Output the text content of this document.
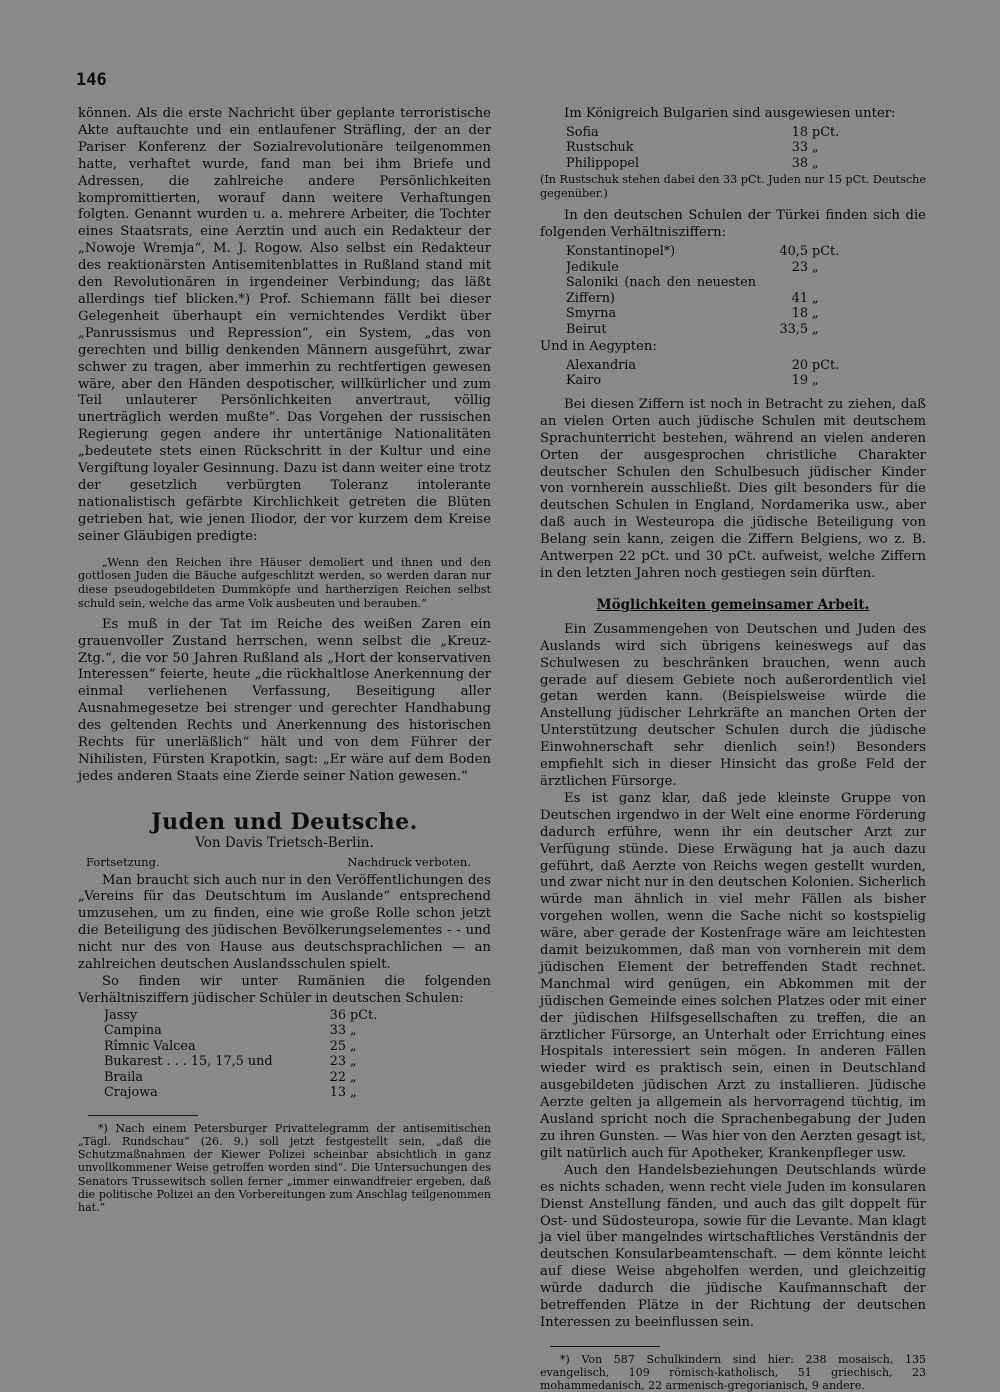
146

können. Als die erste Nachricht über geplante terroristische Akte auftauchte und ein entlaufener Sträfling, der an der Pariser Konferenz der Sozialrevolutionäre teilgenommen hatte, verhaftet wurde, fand man bei ihm Briefe und Adressen, die zahlreiche andere Persönlichkeiten kompromittierten, worauf dann weitere Verhaftungen folgten. Genannt wurden u. a. mehrere Arbeiter, die Tochter eines Staatsrats, eine Aerztin und auch ein Redakteur der „Nowoje Wremja“, M. J. Rogow. Also selbst ein Redakteur des reaktionärsten Antisemitenblattes in Rußland stand mit den Revolutionären in irgendeiner Verbindung; das läßt allerdings tief blicken.*) Prof. Schiemann fällt bei dieser Gelegenheit überhaupt ein vernichtendes Verdikt über „Panrussismus und Repression“, ein System, „das von gerechten und billig denkenden Männern ausgeführt, zwar schwer zu tragen, aber immerhin zu rechtfertigen gewesen wäre, aber den Händen despotischer, willkürlicher und zum Teil unlauterer Persönlichkeiten anvertraut, völlig unerträglich werden mußte“. Das Vorgehen der russischen Regierung gegen andere ihr untertänige Nationalitäten „bedeutete stets einen Rückschritt in der Kultur und eine Vergiftung loyaler Gesinnung. Dazu ist dann weiter eine trotz der gesetzlich verbürgten Toleranz intolerante nationalistisch gefärbte Kirchlichkeit getreten die Blüten getrieben hat, wie jenen Iliodor, der vor kurzem dem Kreise seiner Gläubigen predigte:

„Wenn den Reichen ihre Häuser demoliert und ihnen und den gottlosen Juden die Bäuche aufgeschlitzt werden, so werden daran nur diese pseudogebildeten Dummköpfe und hartherzigen Reichen selbst schuld sein, welche das arme Volk ausbeuten und berauben.“

Es muß in der Tat im Reiche des weißen Zaren ein grauenvoller Zustand herrschen, wenn selbst die „Kreuz-Ztg.“, die vor 50 Jahren Rußland als „Hort der konservativen Interessen“ feierte, heute „die rückhaltlose Anerkennung der einmal verliehenen Verfassung, Beseitigung aller Ausnahmegesetze bei strenger und gerechter Handhabung des geltenden Rechts und Anerkennung des historischen Rechts für unerläßlich“ hält und von dem Führer der Nihilisten, Fürsten Krapotkin, sagt: „Er wäre auf dem Boden jedes anderen Staats eine Zierde seiner Nation gewesen.“

Juden und Deutsche.
Von Davis Trietsch-Berlin.
Fortsetzung.	Nachdruck verboten.

Man braucht sich auch nur in den Veröffentlichungen des „Vereins für das Deutschtum im Auslande“ entsprechend umzusehen, um zu finden, eine wie große Rolle schon jetzt die Beteiligung des jüdischen Bevölkerungselementes - - und nicht nur des von Hause aus deutschsprachlichen — an zahlreichen deutschen Auslandsschulen spielt.

So finden wir unter Rumänien die folgenden Verhältnisziffern jüdischer Schüler in deutschen Schulen:

Jassy	36	pCt.
Campina	33	„
Rîmnic Valcea	25	„
Bukarest . . . 15, 17,5 und	23	„
Braila	22	„
Crajowa	13	„

*) Nach einem Petersburger Privattelegramm der antisemitischen „Tägl. Rundschau“ (26. 9.) soll jetzt festgestellt sein, „daß die Schutzmaßnahmen der Kiewer Polizei scheinbar absichtlich in ganz unvollkommener Weise getroffen worden sind“. Die Untersuchungen des Senators Trussewitsch sollen ferner „immer einwandfreier ergeben, daß die politische Polizei an den Vorbereitungen zum Anschlag teilgenommen hat.“

Im Königreich Bulgarien sind ausgewiesen unter:

Sofia	18	pCt.
Rustschuk	33	„
Philippopel	38	„

(In Rustschuk stehen dabei den 33 pCt. Juden nur 15 pCt. Deutsche gegenüber.)

In den deutschen Schulen der Türkei finden sich die folgenden Verhältnisziffern:

Konstantinopel*)	40,5	pCt.
Jedikule	23	„
Saloniki (nach den neuesten Ziffern)	41	„
Smyrna	18	„
Beirut	33,5	„

Und in Aegypten:

Alexandria	20	pCt.
Kairo	19	„

Bei diesen Ziffern ist noch in Betracht zu ziehen, daß an vielen Orten auch jüdische Schulen mit deutschem Sprachunterricht bestehen, während an vielen anderen Orten der ausgesprochen christliche Charakter deutscher Schulen den Schulbesuch jüdischer Kinder von vornherein ausschließt. Dies gilt besonders für die deutschen Schulen in England, Nordamerika usw., aber daß auch in Westeuropa die jüdische Beteiligung von Belang sein kann, zeigen die Ziffern Belgiens, wo z. B. Antwerpen 22 pCt. und 30 pCt. aufweist, welche Ziffern in den letzten Jahren noch gestiegen sein dürften.

Möglichkeiten gemeinsamer Arbeit.

Ein Zusammengehen von Deutschen und Juden des Auslands wird sich übrigens keineswegs auf das Schulwesen zu beschränken brauchen, wenn auch gerade auf diesem Gebiete noch außerordentlich viel getan werden kann. (Beispielsweise würde die Anstellung jüdischer Lehrkräfte an manchen Orten der Unterstützung deutscher Schulen durch die jüdische Einwohnerschaft sehr dienlich sein!) Besonders empfiehlt sich in dieser Hinsicht das große Feld der ärztlichen Fürsorge.

Es ist ganz klar, daß jede kleinste Gruppe von Deutschen irgendwo in der Welt eine enorme Förderung dadurch erführe, wenn ihr ein deutscher Arzt zur Verfügung stünde. Diese Erwägung hat ja auch dazu geführt, daß Aerzte von Reichs wegen gestellt wurden, und zwar nicht nur in den deutschen Kolonien. Sicherlich würde man ähnlich in viel mehr Fällen als bisher vorgehen wollen, wenn die Sache nicht so kostspielig wäre, aber gerade der Kostenfrage wäre am leichtesten damit beizukommen, daß man von vornherein mit dem jüdischen Element der betreffenden Stadt rechnet. Manchmal wird genügen, ein Abkommen mit der jüdischen Gemeinde eines solchen Platzes oder mit einer der jüdischen Hilfsgesellschaften zu treffen, die an ärztlicher Fürsorge, an Unterhalt oder Errichtung eines Hospitals interessiert sein mögen. In anderen Fällen wieder wird es praktisch sein, einen in Deutschland ausgebildeten jüdischen Arzt zu installieren. Jüdische Aerzte gelten ja allgemein als hervorragend tüchtig, im Ausland spricht noch die Sprachenbegabung der Juden zu ihren Gunsten. — Was hier von den Aerzten gesagt ist, gilt natürlich auch für Apotheker, Krankenpfleger usw.

Auch den Handelsbeziehungen Deutschlands würde es nichts schaden, wenn recht viele Juden im konsularen Dienst Anstellung fänden, und auch das gilt doppelt für Ost- und Südosteuropa, sowie für die Levante. Man klagt ja viel über mangelndes wirtschaftliches Verständnis der deutschen Konsularbeamtenschaft. — dem könnte leicht auf diese Weise abgeholfen werden, und gleichzeitig würde dadurch die jüdische Kaufmannschaft der betreffenden Plätze in der Richtung der deutschen Interessen zu beeinflussen sein.

*) Von 587 Schulkindern sind hier: 238 mosaisch, 135 evangelisch, 109 römisch-katholisch, 51 griechisch, 23 mohammedanisch, 22 armenisch-gregorianisch, 9 andere.
